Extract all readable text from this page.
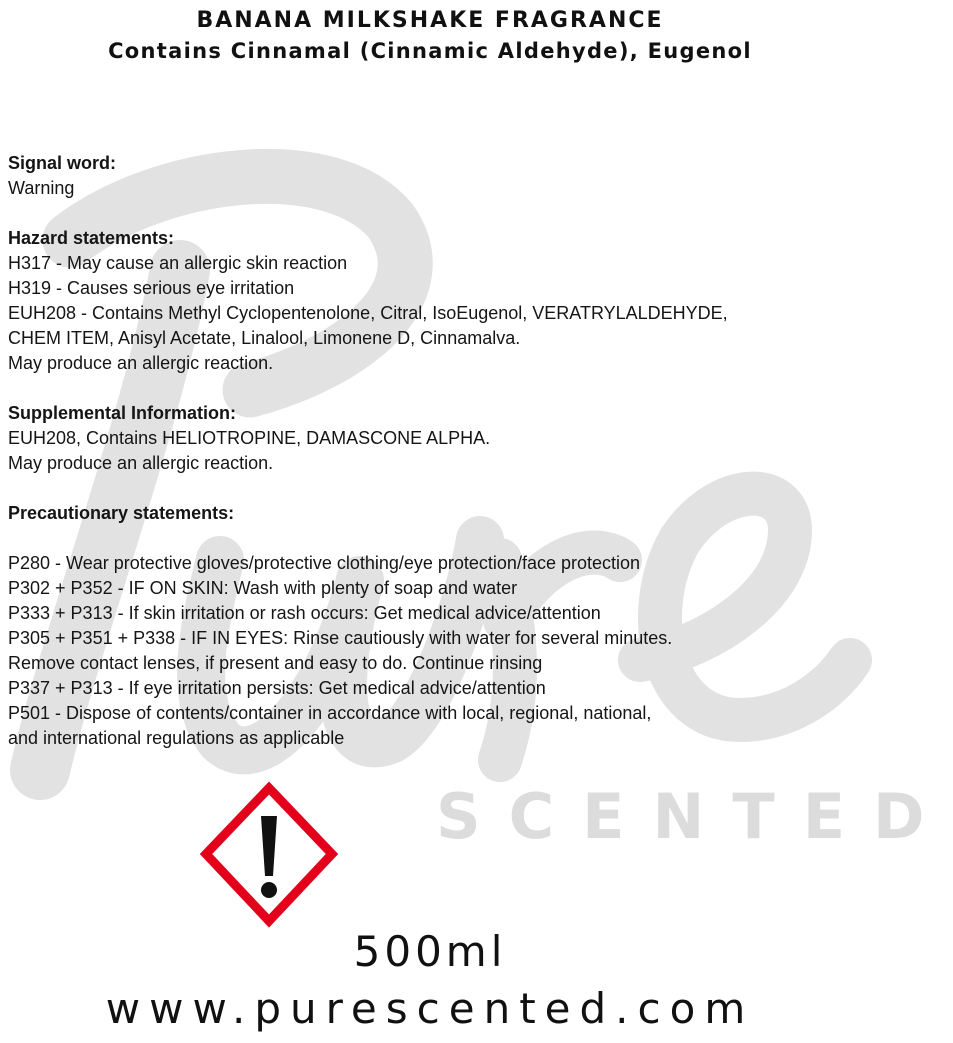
SCENTED
BANANA MILKSHAKE FRAGRANCE
Contains Cinnamal (Cinnamic Aldehyde), Eugenol
Signal word:
Warning
Hazard statements:
H317 - May cause an allergic skin reaction
H319 - Causes serious eye irritation
EUH208 - Contains Methyl Cyclopentenolone, Citral, IsoEugenol, VERATRYLALDEHYDE,
CHEM ITEM, Anisyl Acetate, Linalool, Limonene D, Cinnamalva.
May produce an allergic reaction.
Supplemental Information:
EUH208, Contains HELIOTROPINE, DAMASCONE ALPHA.
May produce an allergic reaction.
Precautionary statements:
P280 - Wear protective gloves/protective clothing/eye protection/face protection
P302 + P352 - IF ON SKIN: Wash with plenty of soap and water
P333 + P313 - If skin irritation or rash occurs: Get medical advice/attention
P305 + P351 + P338 - IF IN EYES: Rinse cautiously with water for several minutes.
Remove contact lenses, if present and easy to do. Continue rinsing
P337 + P313 - If eye irritation persists: Get medical advice/attention
P501 - Dispose of contents/container in accordance with local, regional, national,
and international regulations as applicable
500ml
www.purescented.com
